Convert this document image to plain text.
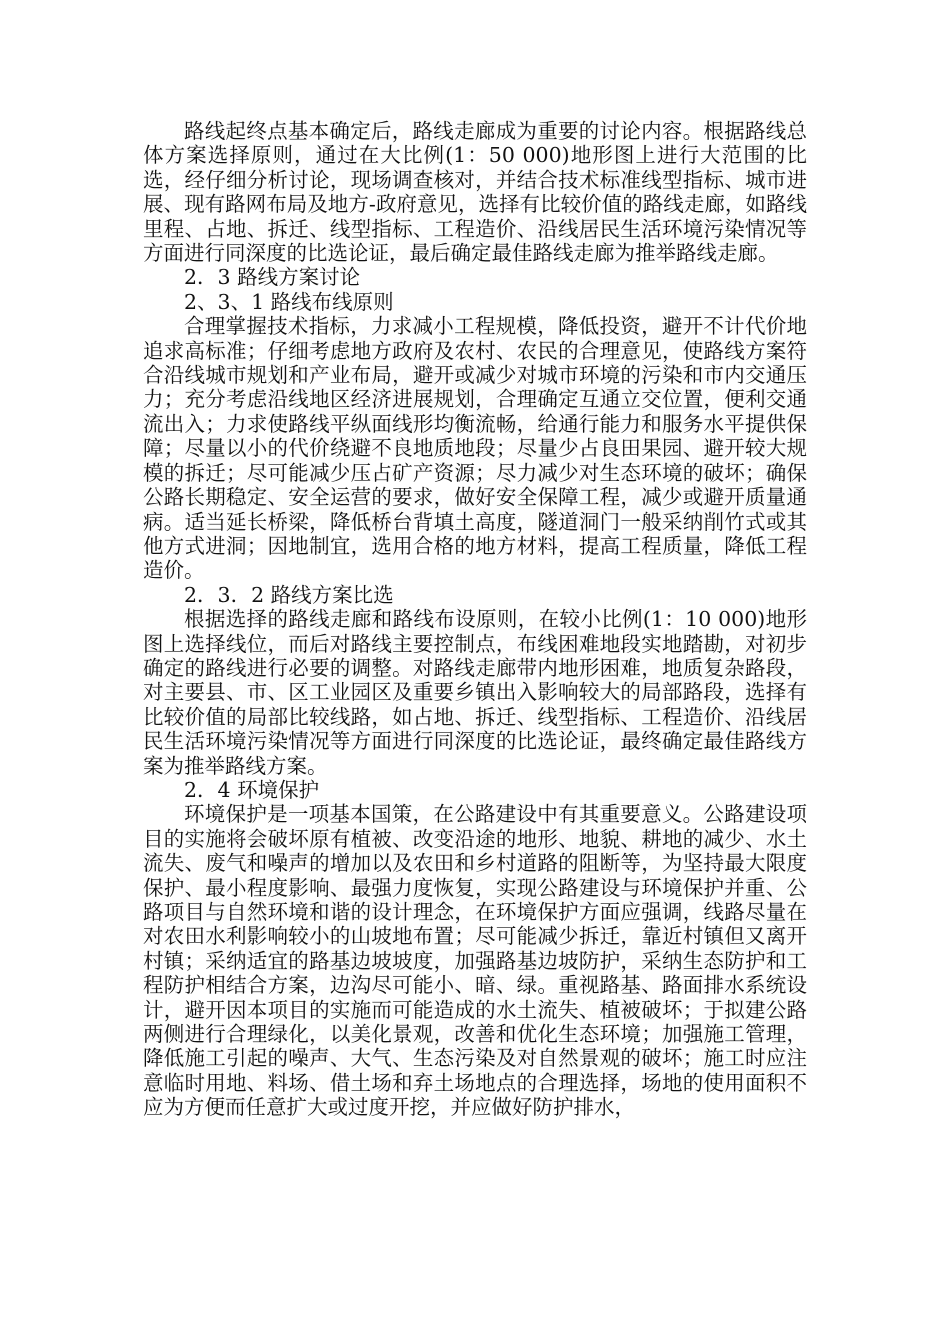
路线起终点基本确定后，路线走廊成为重要的讨论内容。根据路线总体方案选择原则，通过在大比例(1：50 000)地形图上进行大范围的比选，经仔细分析讨论，现场调查核对，并结合技术标准线型指标、城市进展、现有路网布局及地方-政府意见，选择有比较价值的路线走廊，如路线里程、占地、拆迁、线型指标、工程造价、沿线居民生活环境污染情况等方面进行同深度的比选论证，最后确定最佳路线走廊为推举路线走廊。

2．3 路线方案讨论

2、3、1 路线布线原则

合理掌握技术指标，力求减小工程规模，降低投资，避开不计代价地追求高标准；仔细考虑地方政府及农村、农民的合理意见，使路线方案符合沿线城市规划和产业布局，避开或减少对城市环境的污染和市内交通压力；充分考虑沿线地区经济进展规划，合理确定互通立交位置，便利交通流出入；力求使路线平纵面线形均衡流畅，给通行能力和服务水平提供保障；尽量以小的代价绕避不良地质地段；尽量少占良田果园、避开较大规模的拆迁；尽可能减少压占矿产资源；尽力减少对生态环境的破坏；确保公路长期稳定、安全运营的要求，做好安全保障工程，减少或避开质量通病。适当延长桥梁，降低桥台背填土高度，隧道洞门一般采纳削竹式或其他方式进洞；因地制宜，选用合格的地方材料，提高工程质量，降低工程造价。

2．3．2 路线方案比选

根据选择的路线走廊和路线布设原则，在较小比例(1：10 000)地形图上选择线位，而后对路线主要控制点，布线困难地段实地踏勘，对初步确定的路线进行必要的调整。对路线走廊带内地形困难，地质复杂路段，对主要县、市、区工业园区及重要乡镇出入影响较大的局部路段，选择有比较价值的局部比较线路，如占地、拆迁、线型指标、工程造价、沿线居民生活环境污染情况等方面进行同深度的比选论证，最终确定最佳路线方案为推举路线方案。

2．4 环境保护

环境保护是一项基本国策，在公路建设中有其重要意义。公路建设项目的实施将会破坏原有植被、改变沿途的地形、地貌、耕地的减少、水土流失、废气和噪声的增加以及农田和乡村道路的阻断等，为坚持最大限度保护、最小程度影响、最强力度恢复，实现公路建设与环境保护并重、公路项目与自然环境和谐的设计理念，在环境保护方面应强调，线路尽量在对农田水利影响较小的山坡地布置；尽可能减少拆迁，靠近村镇但又离开村镇；采纳适宜的路基边坡坡度，加强路基边坡防护，采纳生态防护和工程防护相结合方案，边沟尽可能小、暗、绿。重视路基、路面排水系统设计，避开因本项目的实施而可能造成的水土流失、植被破坏；于拟建公路两侧进行合理绿化，以美化景观，改善和优化生态环境；加强施工管理，降低施工引起的噪声、大气、生态污染及对自然景观的破坏；施工时应注意临时用地、料场、借土场和弃土场地点的合理选择，场地的使用面积不应为方便而任意扩大或过度开挖，并应做好防护排水，
